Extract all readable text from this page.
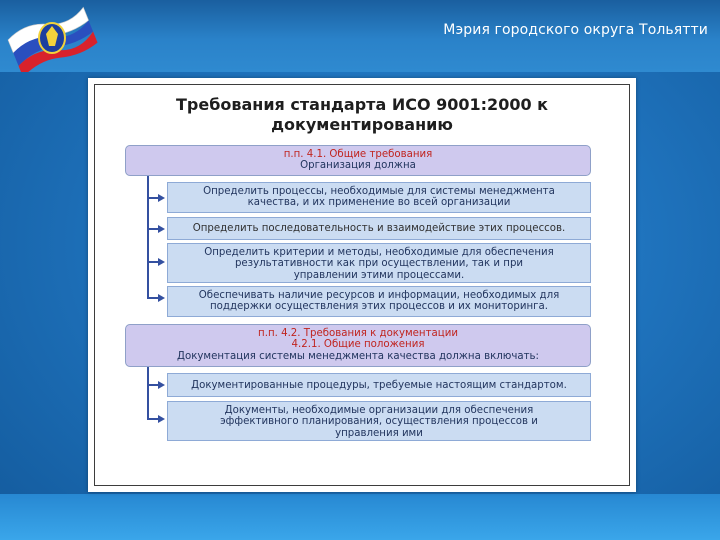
Мэрия городского округа Тольятти
Требования стандарта ИСО 9001:2000 к
документированию
п.п. 4.1. Общие требования
Организация должна
Определить процессы, необходимые для системы менеджмента
качества, и их применение во всей организации
Определить последовательность и взаимодействие этих процессов.
Определить критерии и методы, необходимые для обеспечения
результативности как при осуществлении, так и при
управлении этими процессами.
Обеспечивать наличие ресурсов и информации, необходимых для
поддержки осуществления этих процессов и их мониторинга.
п.п. 4.2. Требования к документации
4.2.1. Общие положения
Документация системы менеджмента качества должна включать:
Документированные процедуры, требуемые настоящим стандартом.
Документы, необходимые организации для обеспечения
эффективного планирования, осуществления процессов и
управления ими
